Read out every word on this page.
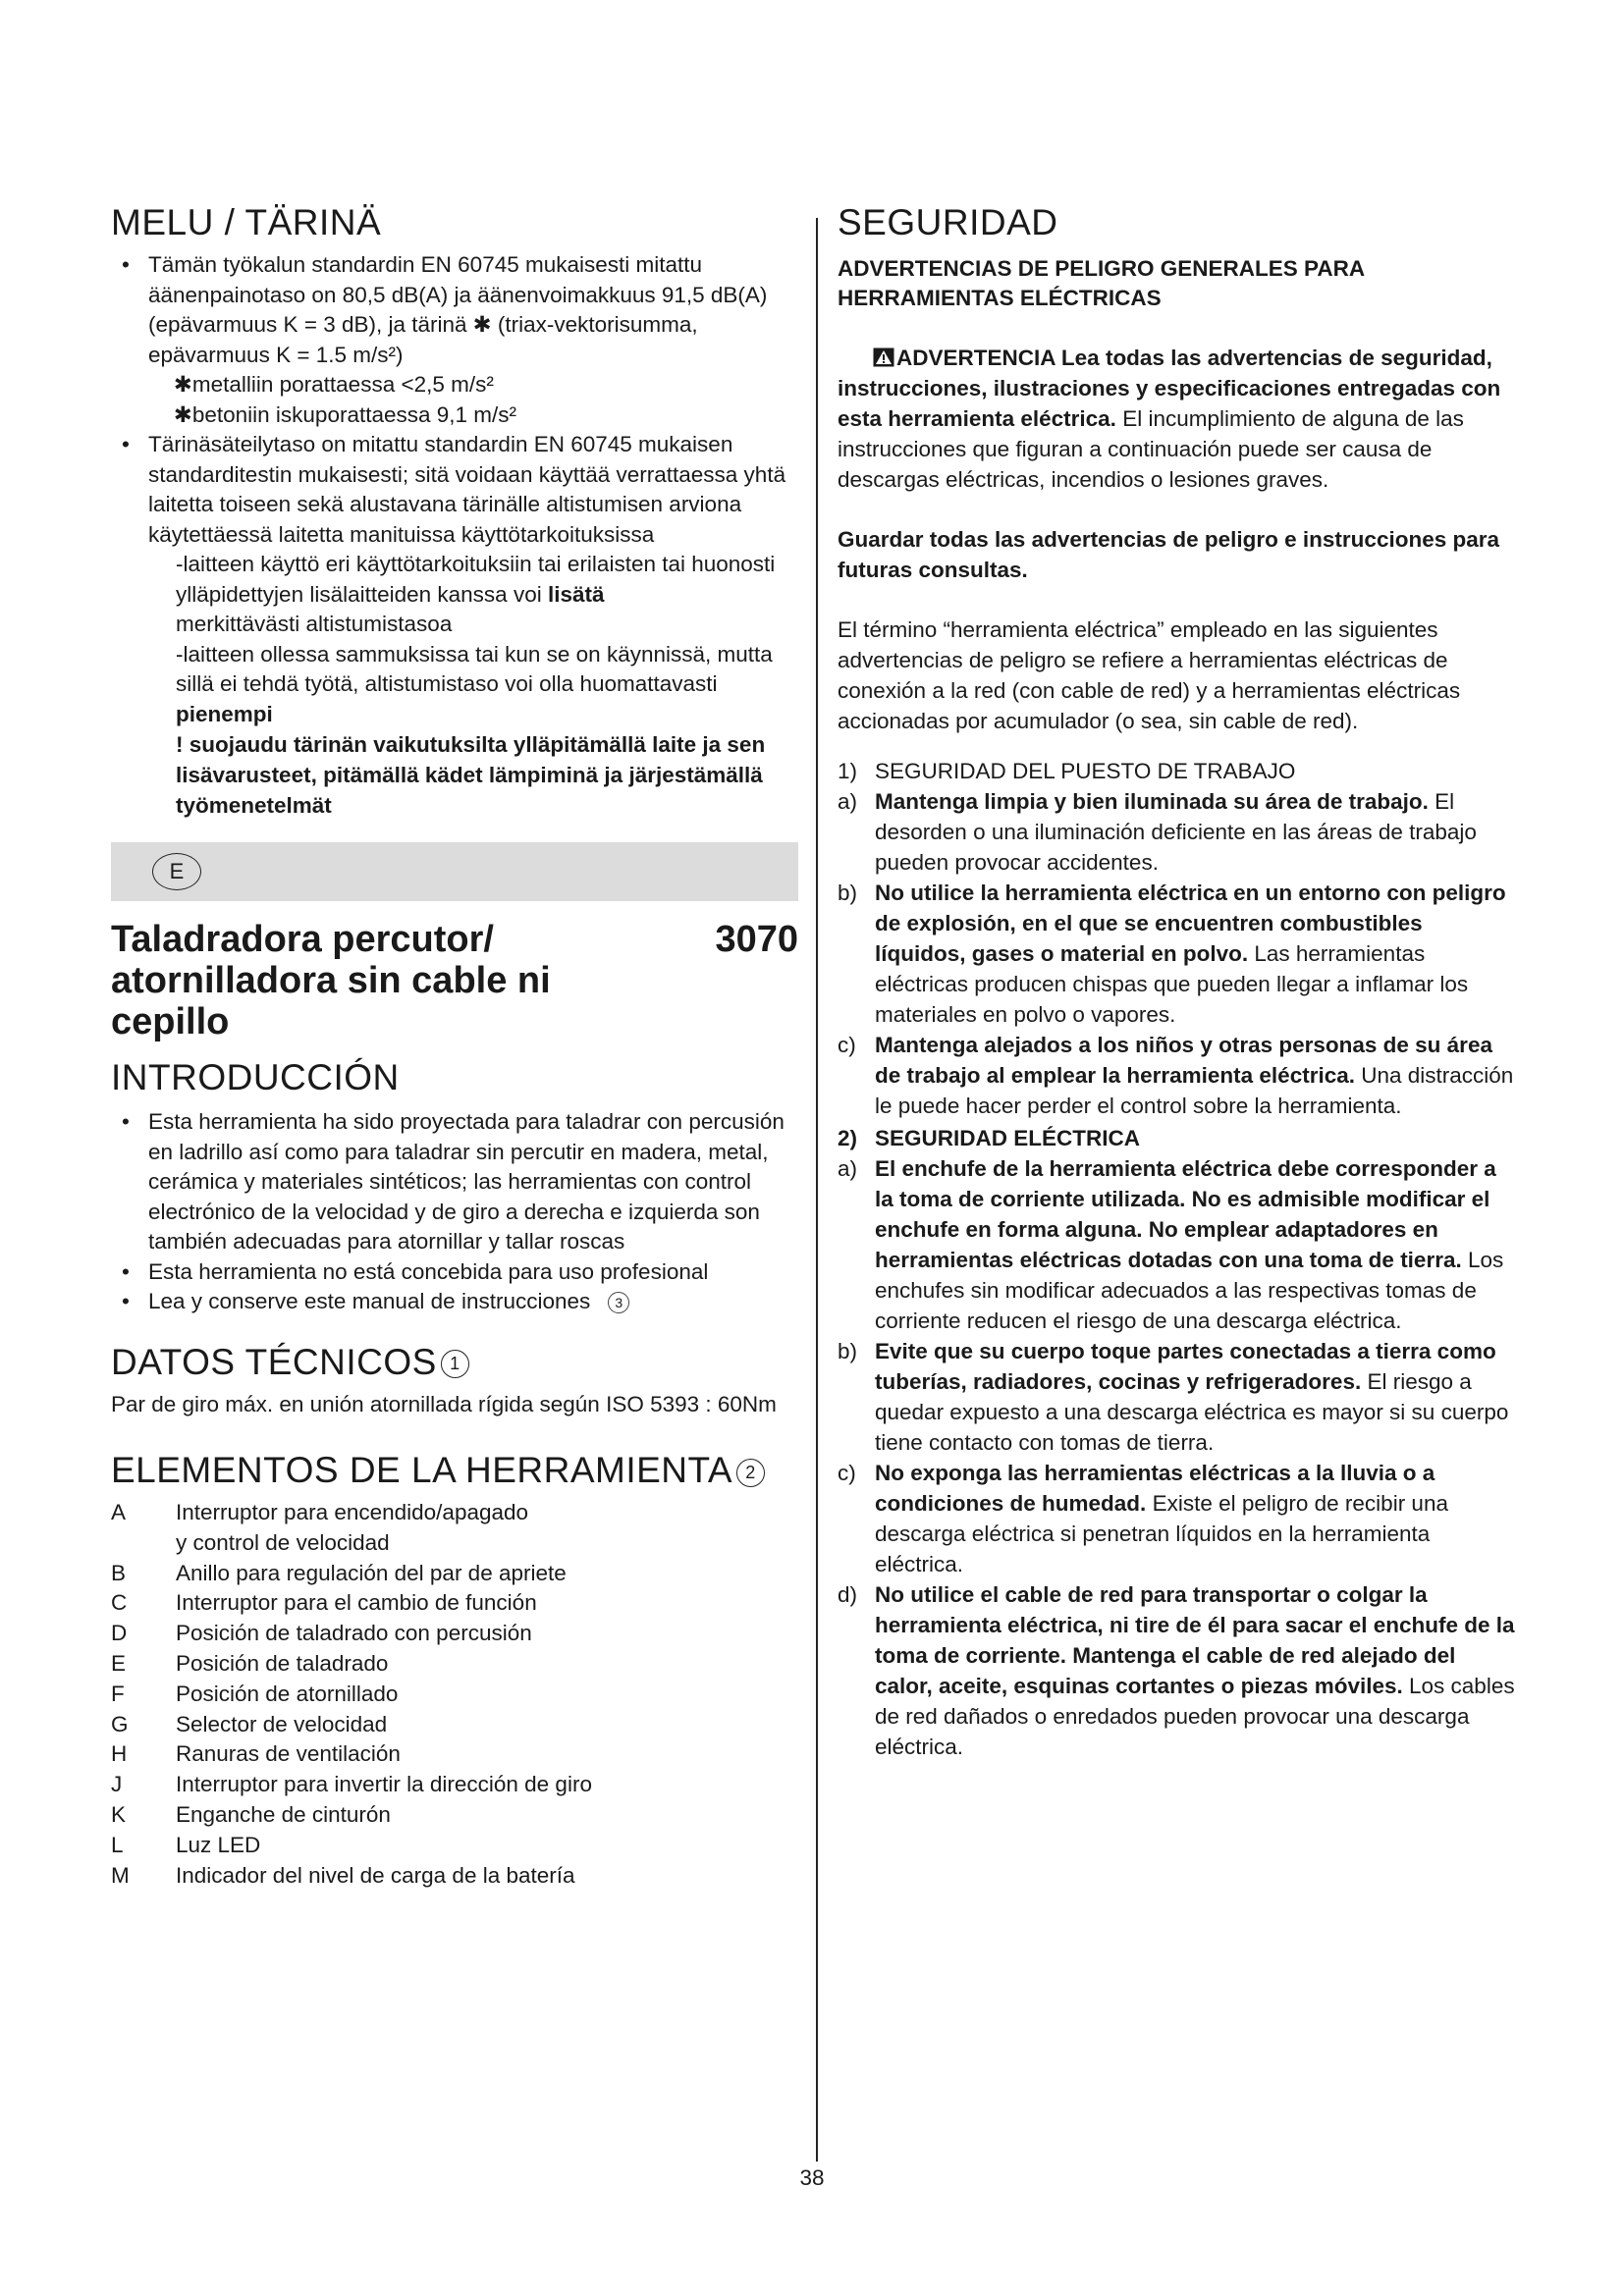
MELU / TÄRINÄ
• Tämän työkalun standardin EN 60745 mukaisesti mitattu äänenpainotaso on 80,5 dB(A) ja äänenvoimakkuus 91,5 dB(A) (epävarmuus K = 3 dB), ja tärinä ✱ (triax-vektorisumma, epävarmuus K = 1.5 m/s²)
✱metalliin porattaessa <2,5 m/s²
✱betoniin iskuporattaessa 9,1 m/s²
• Tärinäsäteilytaso on mitattu standardin EN 60745 mukaisen standarditestin mukaisesti; sitä voidaan käyttää verrattaessa yhtä laitetta toiseen sekä alustavana tärinälle altistumisen arviona käytettäessä laitetta manituissa käyttötarkoituksissa
-laitteen käyttö eri käyttötarkoituksiin tai erilaisten tai huonosti ylläpidettyjen lisälaitteiden kanssa voi lisätä
merkittävästi altistumistasoa
-laitteen ollessa sammuksissa tai kun se on käynnissä, mutta sillä ei tehdä työtä, altistumistaso voi olla huomattavasti pienempi
! suojaudu tärinän vaikutuksilta ylläpitämällä laite ja sen lisävarusteet, pitämällä kädet lämpiminä ja järjestämällä työmenetelmät
E
Taladradora percutor/ atornilladora sin cable ni cepillo
3070
INTRODUCCIÓN
• Esta herramienta ha sido proyectada para taladrar con percusión en ladrillo así como para taladrar sin percutir en madera, metal, cerámica y materiales sintéticos; las herramientas con control electrónico de la velocidad y de giro a derecha e izquierda son también adecuadas para atornillar y tallar roscas
• Esta herramienta no está concebida para uso profesional
• Lea y conserve este manual de instrucciones 3
DATOS TÉCNICOS 1

Par de giro máx. en unión atornillada rígida según ISO 5393 : 60Nm

ELEMENTOS DE LA HERRAMIENTA 2
A	Interruptor para encendido/apagado
y control de velocidad
B	Anillo para regulación del par de apriete
C	Interruptor para el cambio de función
D	Posición de taladrado con percusión
E	Posición de taladrado
F	Posición de atornillado
G	Selector de velocidad
H	Ranuras de ventilación
J	Interruptor para invertir la dirección de giro
K	Enganche de cinturón
L	Luz LED
M	Indicador del nivel de carga de la batería
SEGURIDAD
ADVERTENCIAS DE PELIGRO GENERALES PARA HERRAMIENTAS ELÉCTRICAS
ADVERTENCIA Lea todas las advertencias de seguridad, instrucciones, ilustraciones y especificaciones entregadas con esta herramienta eléctrica. El incumplimiento de alguna de las instrucciones que figuran a continuación puede ser causa de descargas eléctricas, incendios o lesiones graves.
Guardar todas las advertencias de peligro e instrucciones para futuras consultas.
El término “herramienta eléctrica” empleado en las siguientes advertencias de peligro se refiere a herramientas eléctricas de conexión a la red (con cable de red) y a herramientas eléctricas accionadas por acumulador (o sea, sin cable de red).
1) SEGURIDAD DEL PUESTO DE TRABAJO
a) Mantenga limpia y bien iluminada su área de trabajo. El desorden o una iluminación deficiente en las áreas de trabajo pueden provocar accidentes.
b) No utilice la herramienta eléctrica en un entorno con peligro de explosión, en el que se encuentren combustibles líquidos, gases o material en polvo. Las herramientas eléctricas producen chispas que pueden llegar a inflamar los materiales en polvo o vapores.
c) Mantenga alejados a los niños y otras personas de su área de trabajo al emplear la herramienta eléctrica. Una distracción le puede hacer perder el control sobre la herramienta.
2) SEGURIDAD ELÉCTRICA
a) El enchufe de la herramienta eléctrica debe corresponder a la toma de corriente utilizada. No es admisible modificar el enchufe en forma alguna. No emplear adaptadores en herramientas eléctricas dotadas con una toma de tierra. Los enchufes sin modificar adecuados a las respectivas tomas de corriente reducen el riesgo de una descarga eléctrica.
b) Evite que su cuerpo toque partes conectadas a tierra como tuberías, radiadores, cocinas y refrigeradores. El riesgo a quedar expuesto a una descarga eléctrica es mayor si su cuerpo tiene contacto con tomas de tierra.
c) No exponga las herramientas eléctricas a la lluvia o a condiciones de humedad. Existe el peligro de recibir una descarga eléctrica si penetran líquidos en la herramienta eléctrica.
d) No utilice el cable de red para transportar o colgar la herramienta eléctrica, ni tire de él para sacar el enchufe de la toma de corriente. Mantenga el cable de red alejado del calor, aceite, esquinas cortantes o piezas móviles. Los cables de red dañados o enredados pueden provocar una descarga eléctrica.
38
